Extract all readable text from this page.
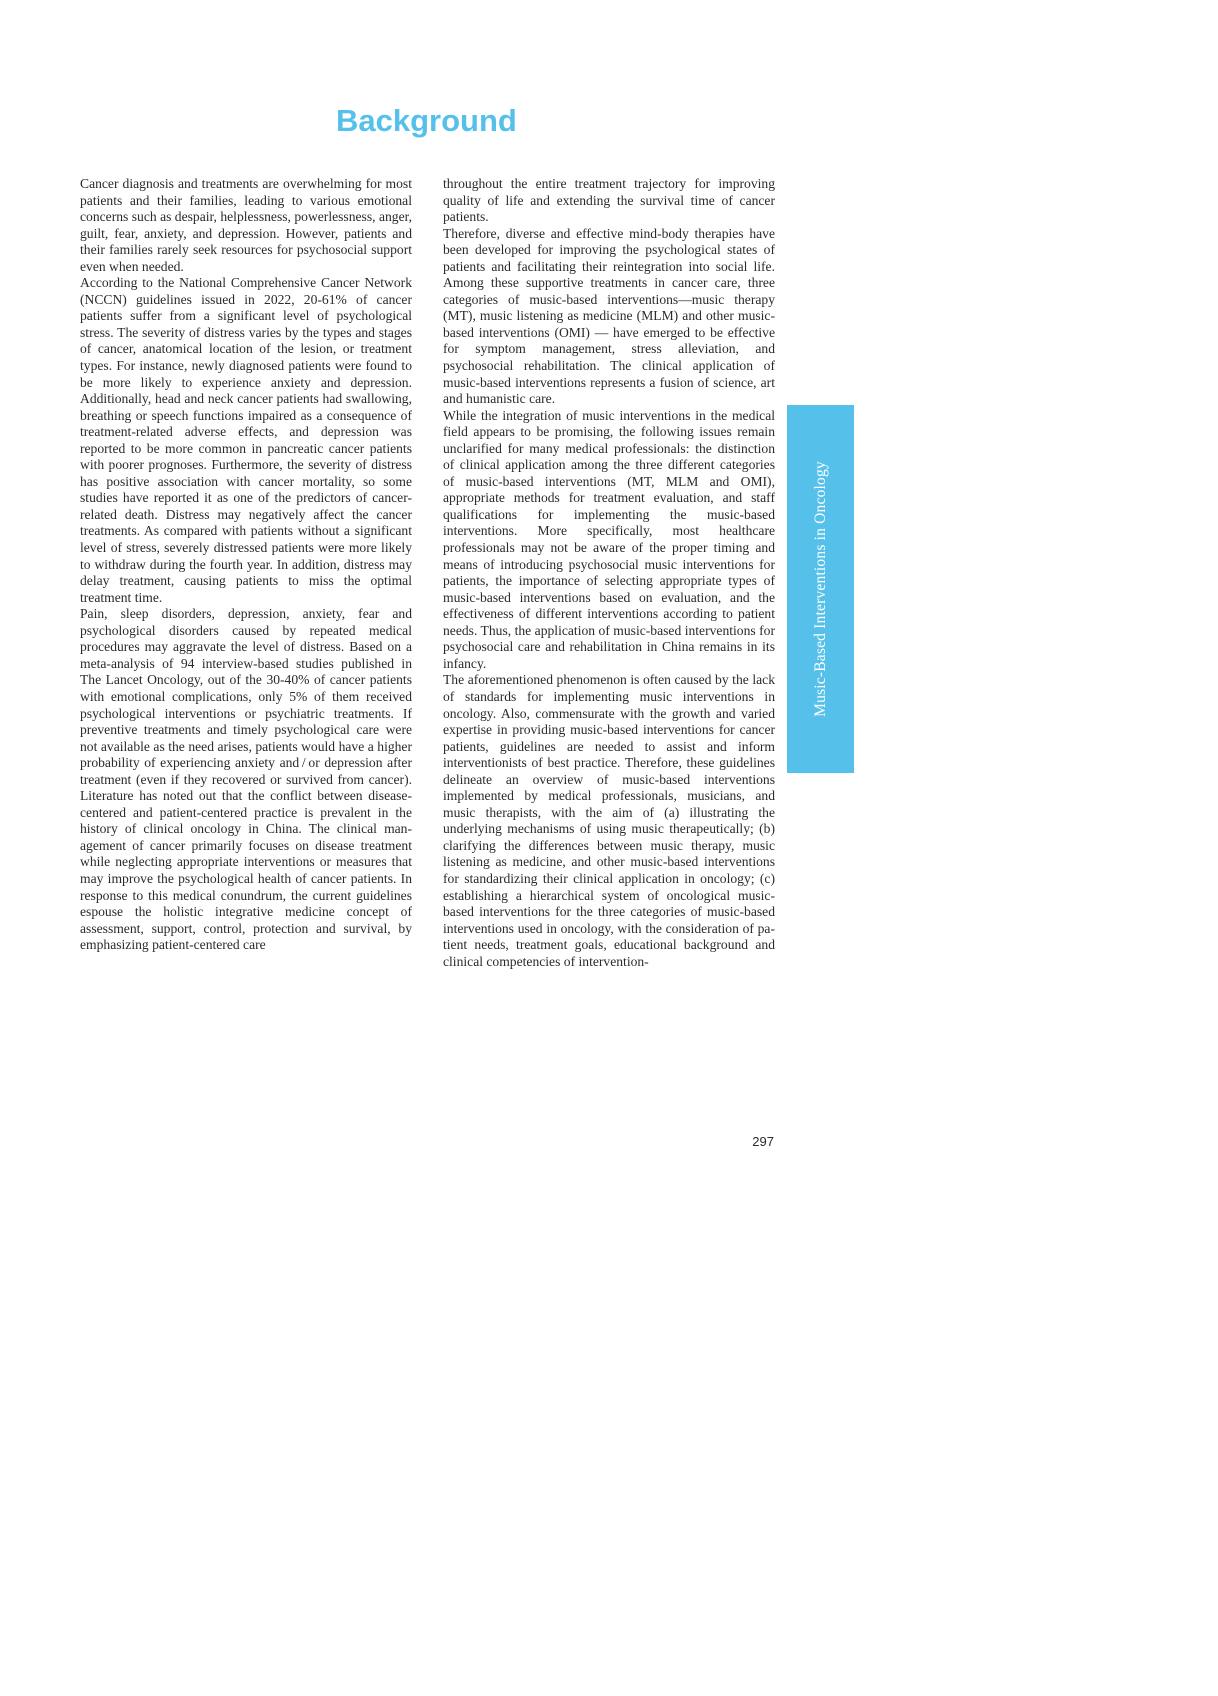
Background

Cancer diagnosis and treatments are overwhelming for most patients and their families, leading to various emotional concerns such as despair, helplessness, powerlessness, anger, guilt, fear, anxiety, and depression. However, patients and their families rarely seek resources for psychosocial support even when needed.

According to the National Comprehensive Cancer Network (NCCN) guidelines issued in 2022, 20-61% of cancer patients suffer from a significant level of psychological stress. The severity of distress varies by the types and stages of cancer, anatomical location of the lesion, or treatment types. For instance, newly diagnosed patients were found to be more likely to experience anxiety and depression. Additionally, head and neck cancer patients had swallowing, breathing or speech functions impaired as a consequence of treatment-related adverse effects, and depression was reported to be more common in pancreatic cancer patients with poorer prognoses. Furthermore, the severity of distress has positive association with cancer mortality, so some studies have reported it as one of the predictors of cancer-related death. Distress may negatively affect the cancer treatments. As compared with patients without a significant level of stress, severely distressed patients were more likely to withdraw during the fourth year. In addition, distress may delay treatment, causing patients to miss the optimal treatment time.

Pain, sleep disorders, depression, anxiety, fear and psychological disorders caused by repeated medical procedures may aggravate the level of distress. Based on a meta-analysis of 94 interview-based studies published in The Lancet Oncology, out of the 30-40% of cancer patients with emotional complications, only 5% of them received psychological interventions or psychiatric treatments. If preventive treatments and timely psychological care were not available as the need arises, patients would have a higher probability of experiencing anxiety and / or depression after treatment (even if they recovered or survived from cancer). Literature has noted out that the conflict between disease-centered and patient-centered practice is prevalent in the history of clinical oncology in China. The clinical management of cancer primarily focuses on disease treatment while neglecting appropriate interventions or measures that may improve the psychological health of cancer patients. In response to this medical conundrum, the current guidelines espouse the holistic integrative medicine concept of assessment, support, control, protection and survival, by emphasizing patient-centered care

throughout the entire treatment trajectory for improving quality of life and extending the survival time of cancer patients.

Therefore, diverse and effective mind-body therapies have been developed for improving the psychological states of patients and facilitating their reintegration into social life. Among these supportive treatments in cancer care, three categories of music-based interventions—music therapy (MT), music listening as medicine (MLM) and other music-based interventions (OMI) — have emerged to be effective for symptom management, stress alleviation, and psychosocial rehabilitation. The clinical application of music-based interventions represents a fusion of science, art and humanistic care.

While the integration of music interventions in the medical field appears to be promising, the following issues remain unclarified for many medical professionals: the distinction of clinical application among the three different categories of music-based interventions (MT, MLM and OMI), appropriate methods for treatment evaluation, and staff qualifications for implementing the music-based interventions. More specifically, most healthcare professionals may not be aware of the proper timing and means of introducing psychosocial music interventions for patients, the importance of selecting appropriate types of music-based interventions based on evaluation, and the effectiveness of different interventions according to patient needs. Thus, the application of music-based interventions for psychosocial care and rehabilitation in China remains in its infancy.

The aforementioned phenomenon is often caused by the lack of standards for implementing music interventions in oncology. Also, commensurate with the growth and varied expertise in providing music-based interventions for cancer patients, guidelines are needed to assist and inform interventionists of best practice. Therefore, these guidelines delineate an overview of music-based interventions implemented by medical professionals, musicians, and music therapists, with the aim of (a) illustrating the underlying mechanisms of using music therapeutically; (b) clarifying the differences between music therapy, music listening as medicine, and other music-based interventions for standardizing their clinical application in oncology; (c) establishing a hierarchical system of oncological music-based interventions for the three categories of music-based interventions used in oncology, with the consideration of patient needs, treatment goals, educational background and clinical competencies of intervention-

Music-Based Interventions in Oncology
297
